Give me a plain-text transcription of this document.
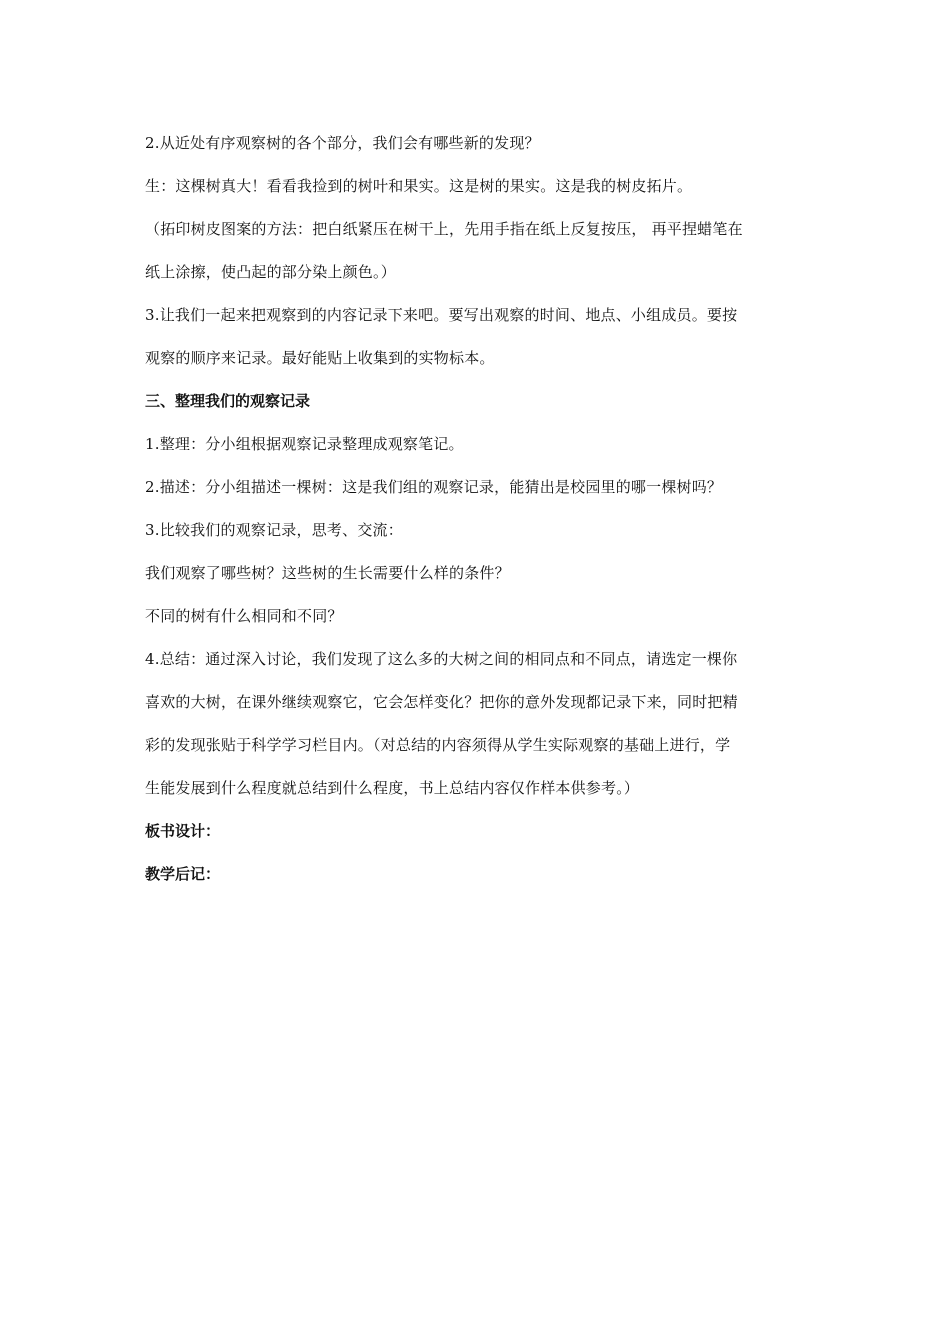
2.从近处有序观察树的各个部分，我们会有哪些新的发现？

生：这棵树真大！看看我捡到的树叶和果实。这是树的果实。这是我的树皮拓片。

（拓印树皮图案的方法：把白纸紧压在树干上，先用手指在纸上反复按压， 再平捏蜡笔在

纸上涂擦，使凸起的部分染上颜色。）

3.让我们一起来把观察到的内容记录下来吧。要写出观察的时间、地点、小组成员。要按

观察的顺序来记录。最好能贴上收集到的实物标本。

三、整理我们的观察记录

1.整理：分小组根据观察记录整理成观察笔记。

2.描述：分小组描述一棵树：这是我们组的观察记录，能猜出是校园里的哪一棵树吗？

3.比较我们的观察记录，思考、交流：

我们观察了哪些树？这些树的生长需要什么样的条件？

不同的树有什么相同和不同？

4.总结：通过深入讨论，我们发现了这么多的大树之间的相同点和不同点，请选定一棵你

喜欢的大树，在课外继续观察它，它会怎样变化？把你的意外发现都记录下来，同时把精

彩的发现张贴于科学学习栏目内。（对总结的内容须得从学生实际观察的基础上进行，学

生能发展到什么程度就总结到什么程度，书上总结内容仅作样本供参考。）

板书设计：

教学后记：
